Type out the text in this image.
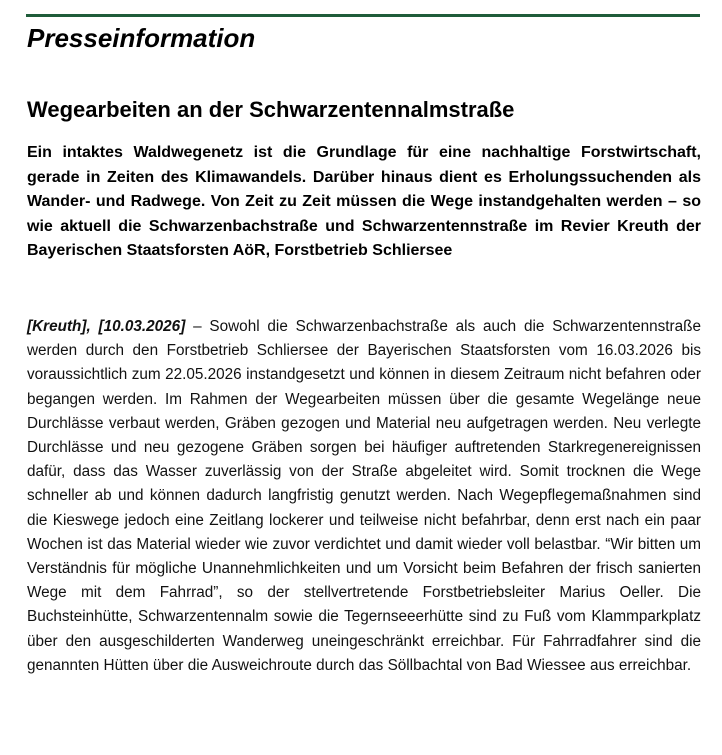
Presseinformation
Wegearbeiten an der Schwarzentennalmstraße

Ein intaktes Waldwegenetz ist die Grundlage für eine nachhaltige Forstwirtschaft, gerade in Zeiten des Klimawandels. Darüber hinaus dient es Erholungssuchenden als Wander- und Radwege. Von Zeit zu Zeit müssen die Wege instandgehalten werden – so wie aktuell die Schwarzenbachstraße und Schwarzentennstraße im Revier Kreuth der Bayerischen Staatsforsten AöR, Forstbetrieb Schliersee

[Kreuth], [10.03.2026] – Sowohl die Schwarzenbachstraße als auch die Schwarzentennstraße werden durch den Forstbetrieb Schliersee der Bayerischen Staatsforsten vom 16.03.2026 bis voraussichtlich zum 22.05.2026 instandgesetzt und können in diesem Zeitraum nicht befahren oder begangen werden. Im Rahmen der Wegearbeiten müssen über die gesamte Wegelänge neue Durchlässe verbaut werden, Gräben gezogen und Material neu aufgetragen werden. Neu verlegte Durchlässe und neu gezogene Gräben sorgen bei häufiger auftretenden Starkregenereignissen dafür, dass das Wasser zuverlässig von der Straße abgeleitet wird. Somit trocknen die Wege schneller ab und können dadurch langfristig genutzt werden. Nach Wegepflegemaßnahmen sind die Kieswege jedoch eine Zeitlang lockerer und teilweise nicht befahrbar, denn erst nach ein paar Wochen ist das Material wieder wie zuvor verdichtet und damit wieder voll belastbar. “Wir bitten um Verständnis für mögliche Unannehmlichkeiten und um Vorsicht beim Befahren der frisch sanierten Wege mit dem Fahrrad”, so der stellvertretende Forstbetriebsleiter Marius Oeller. Die Buchsteinhütte, Schwarzentennalm sowie die Tegernseeerhütte sind zu Fuß vom Klammparkplatz über den ausgeschilderten Wanderweg uneingeschränkt erreichbar. Für Fahrradfahrer sind die genannten Hütten über die Ausweichroute durch das Söllbachtal von Bad Wiessee aus erreichbar.
